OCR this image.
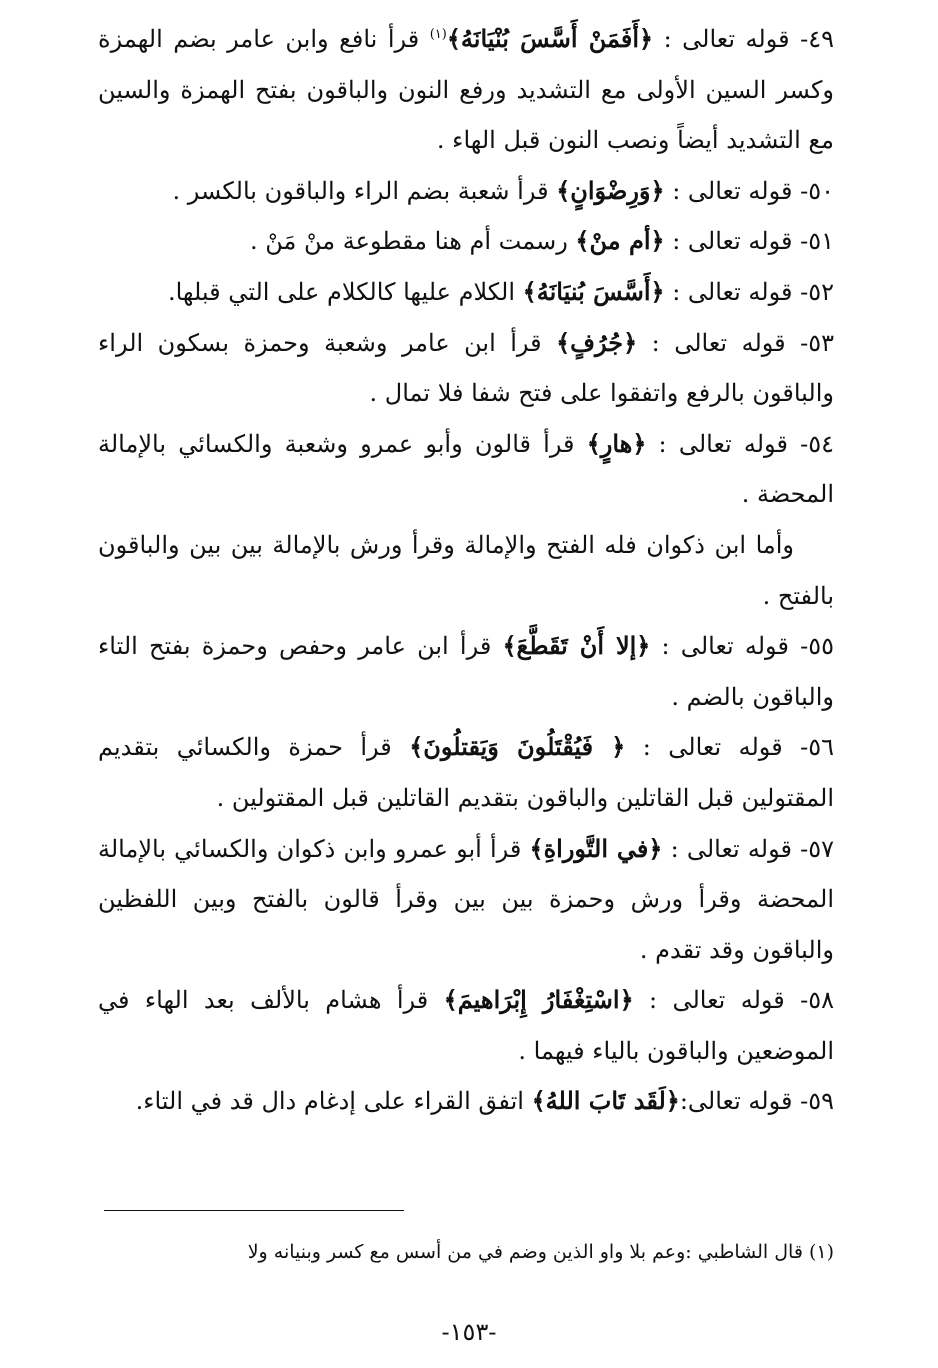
٤٩- قوله تعالى : ﴿أَفَمَنْ أَسَّسَ بُنْيَانَهُ﴾$^{(١)}$ قرأ نافع وابن عامر بضم الهمزة وكسر السين الأولى مع التشديد ورفع النون والباقون بفتح الهمزة والسين مع التشديد أيضاً ونصب النون قبل الهاء .

٥٠- قوله تعالى : ﴿وَرِضْوَانٍ﴾ قرأ شعبة بضم الراء والباقون بالكسر .

٥١- قوله تعالى : ﴿أم منْ﴾ رسمت أم هنا مقطوعة منْ مَنْ .

٥٢- قوله تعالى : ﴿أَسَّسَ بُنيَانَهُ﴾ الكلام عليها كالكلام على التي قبلها.

٥٣- قوله تعالى : ﴿جُرُفٍ﴾ قرأ ابن عامر وشعبة وحمزة بسكون الراء والباقون بالرفع واتفقوا على فتح شفا فلا تمال .

٥٤- قوله تعالى : ﴿هارٍ﴾ قرأ قالون وأبو عمرو وشعبة والكسائي بالإمالة المحضة .

وأما ابن ذكوان فله الفتح والإمالة وقرأ ورش بالإمالة بين بين والباقون بالفتح .

٥٥- قوله تعالى : ﴿إلا أَنْ تَقَطَّعَ﴾ قرأ ابن عامر وحفص وحمزة بفتح التاء والباقون بالضم .

٥٦- قوله تعالى : ﴿ فَيُقْتَلُونَ وَيَقتلُونَ﴾ قرأ حمزة والكسائي بتقديم المقتولين قبل القاتلين والباقون بتقديم القاتلين قبل المقتولين .

٥٧- قوله تعالى : ﴿في التَّوراةِ﴾ قرأ أبو عمرو وابن ذكوان والكسائي بالإمالة المحضة وقرأ ورش وحمزة بين بين وقرأ قالون بالفتح وبين اللفظين والباقون وقد تقدم .

٥٨- قوله تعالى : ﴿اسْتِغْفَارُ إِبْرَاهيمَ﴾ قرأ هشام بالألف بعد الهاء في الموضعين والباقون بالياء فيهما .

٥٩- قوله تعالى:﴿لَقَد تَابَ اللهُ﴾ اتفق القراء على إدغام دال قد في التاء.

(١) قال الشاطبي :وعم بلا واو الذين وضم في من أسس مع كسر وبنيانه ولا
-١٥٣-
